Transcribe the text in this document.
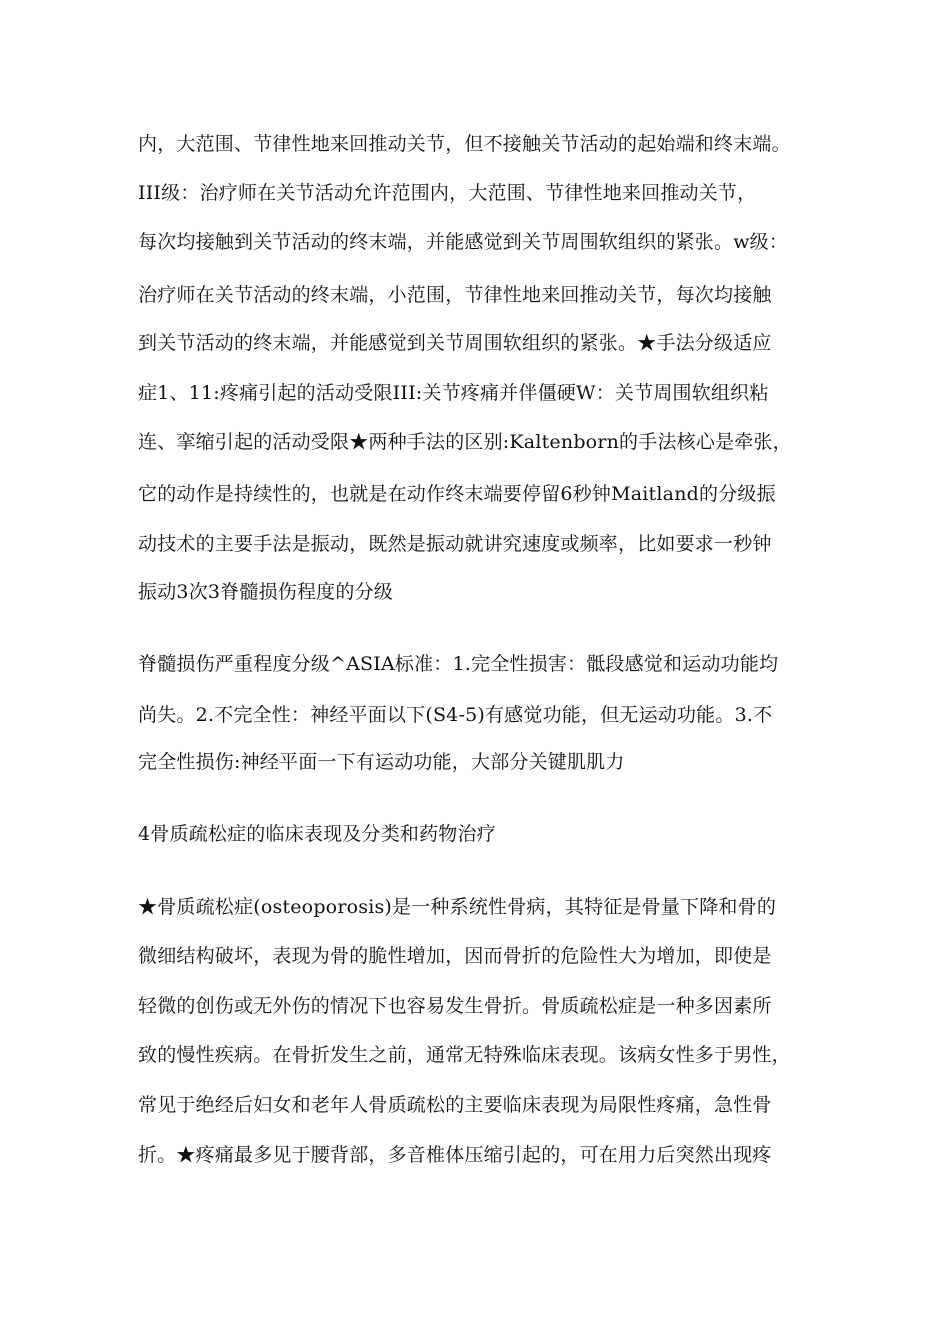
内，大范围、节律性地来回推动关节，但不接触关节活动的起始端和终末端。
III级：治疗师在关节活动允许范围内，大范围、节律性地来回推动关节，
每次均接触到关节活动的终末端，并能感觉到关节周围软组织的紧张。w级：
治疗师在关节活动的终末端，小范围，节律性地来回推动关节，每次均接触
到关节活动的终末端，并能感觉到关节周围软组织的紧张。★手法分级适应
症1、11:疼痛引起的活动受限III:关节疼痛并伴僵硬W：关节周围软组织粘
连、挛缩引起的活动受限★两种手法的区别:Kaltenborn的手法核心是牵张，
它的动作是持续性的，也就是在动作终末端要停留6秒钟Maitland的分级振
动技术的主要手法是振动，既然是振动就讲究速度或频率，比如要求一秒钟
振动3次3脊髓损伤程度的分级
脊髓损伤严重程度分级^ASIA标准：1.完全性损害：骶段感觉和运动功能均
尚失。2.不完全性：神经平面以下(S4-5)有感觉功能，但无运动功能。3.不
完全性损伤:神经平面一下有运动功能，大部分关键肌肌力
4骨质疏松症的临床表现及分类和药物治疗
★骨质疏松症(osteoporosis)是一种系统性骨病，其特征是骨量下降和骨的
微细结构破坏，表现为骨的脆性增加，因而骨折的危险性大为增加，即使是
轻微的创伤或无外伤的情况下也容易发生骨折。骨质疏松症是一种多因素所
致的慢性疾病。在骨折发生之前，通常无特殊临床表现。该病女性多于男性，
常见于绝经后妇女和老年人骨质疏松的主要临床表现为局限性疼痛，急性骨
折。★疼痛最多见于腰背部，多音椎体压缩引起的，可在用力后突然出现疼
